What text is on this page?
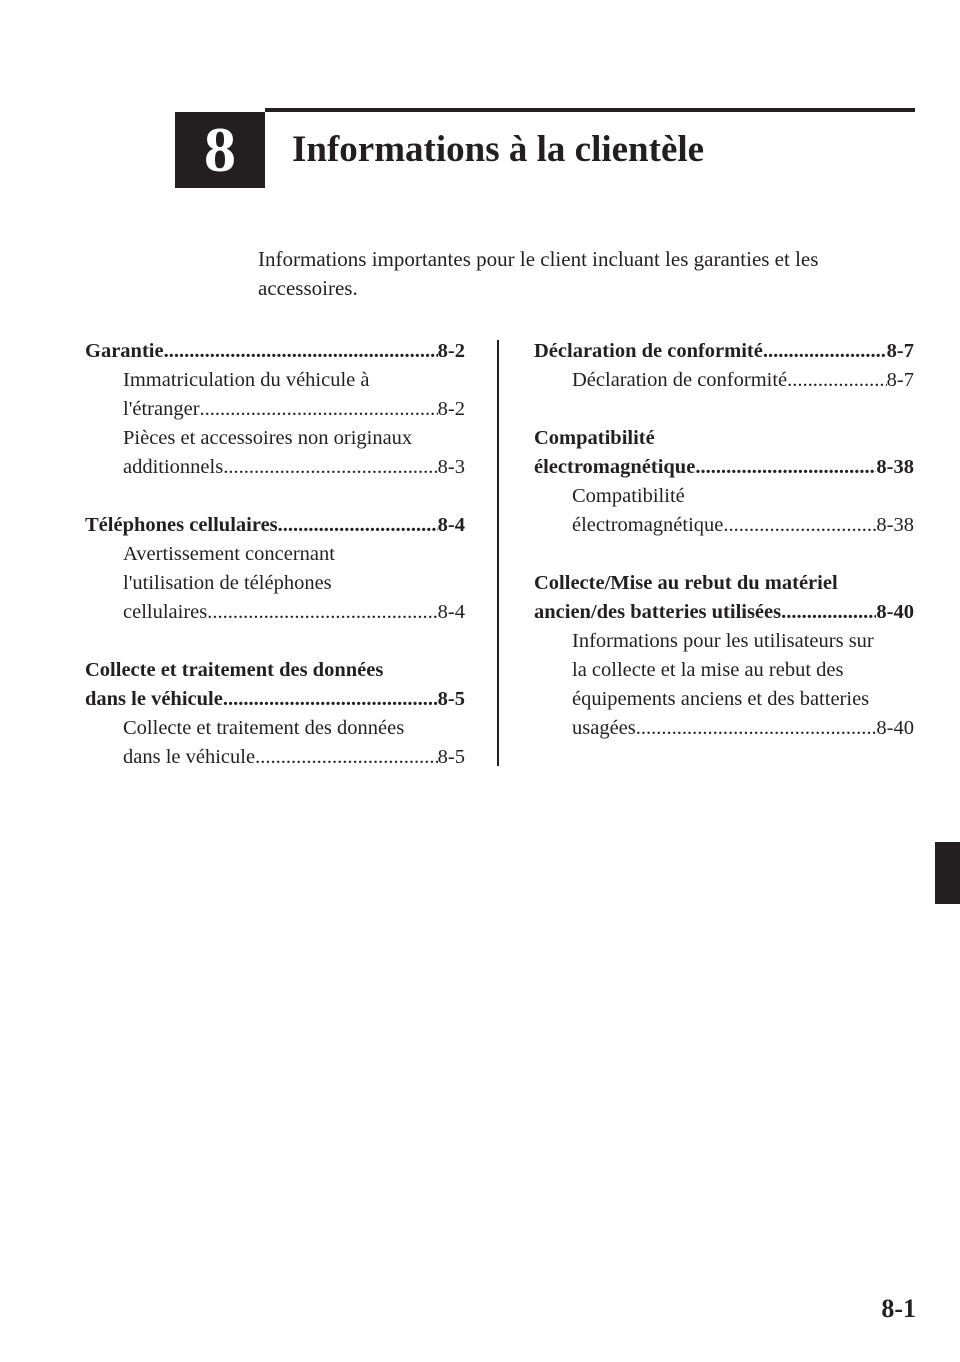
8	Informations à la clientèle
Informations importantes pour le client incluant les garanties et les accessoires.
Garantie .....	8-2
Immatriculation du véhicule à
l'étranger .....	8-2
Pièces et accessoires non originaux
additionnels .....	8-3
Téléphones cellulaires .....	8-4
Avertissement concernant
l'utilisation de téléphones
cellulaires .....	8-4
Collecte et traitement des données
dans le véhicule .....	8-5
Collecte et traitement des données
dans le véhicule .....	8-5
Déclaration de conformité .....	8-7
Déclaration de conformité .....	8-7
Compatibilité
électromagnétique .....	8-38
Compatibilité
électromagnétique .....	8-38
Collecte/Mise au rebut du matériel
ancien/des batteries utilisées .....	8-40
Informations pour les utilisateurs sur
la collecte et la mise au rebut des
équipements anciens et des batteries
usagées .....	8-40
8-1
